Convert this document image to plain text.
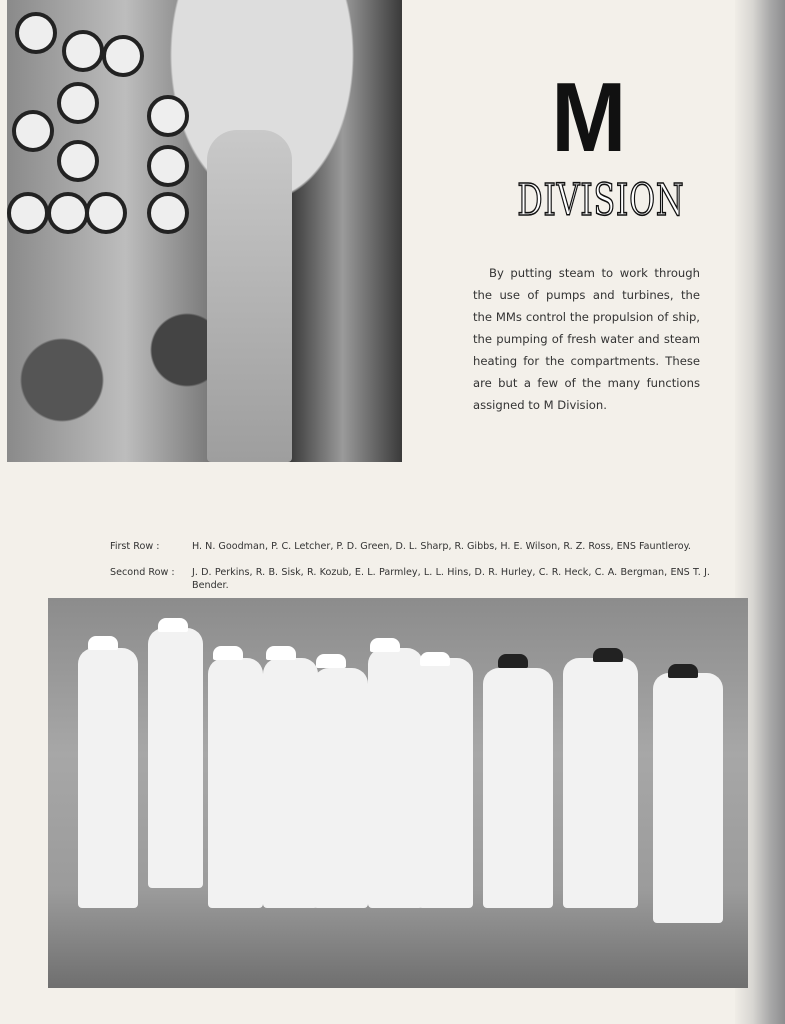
M
DIVISION
By putting steam to work through the use of pumps and turbines, the the MMs control the propulsion of ship, the pumping of fresh water and steam heating for the compartments. These are but a few of the many functions assigned to M Division.
First Row :	H. N. Goodman, P. C. Letcher, P. D. Green, D. L. Sharp, R. Gibbs, H. E. Wilson, R. Z. Ross, ENS Fauntleroy.
Second Row :	J. D. Perkins, R. B. Sisk, R. Kozub, E. L. Parmley, L. L. Hins, D. R. Hurley, C. R. Heck, C. A. Bergman, ENS T. J. Bender.
